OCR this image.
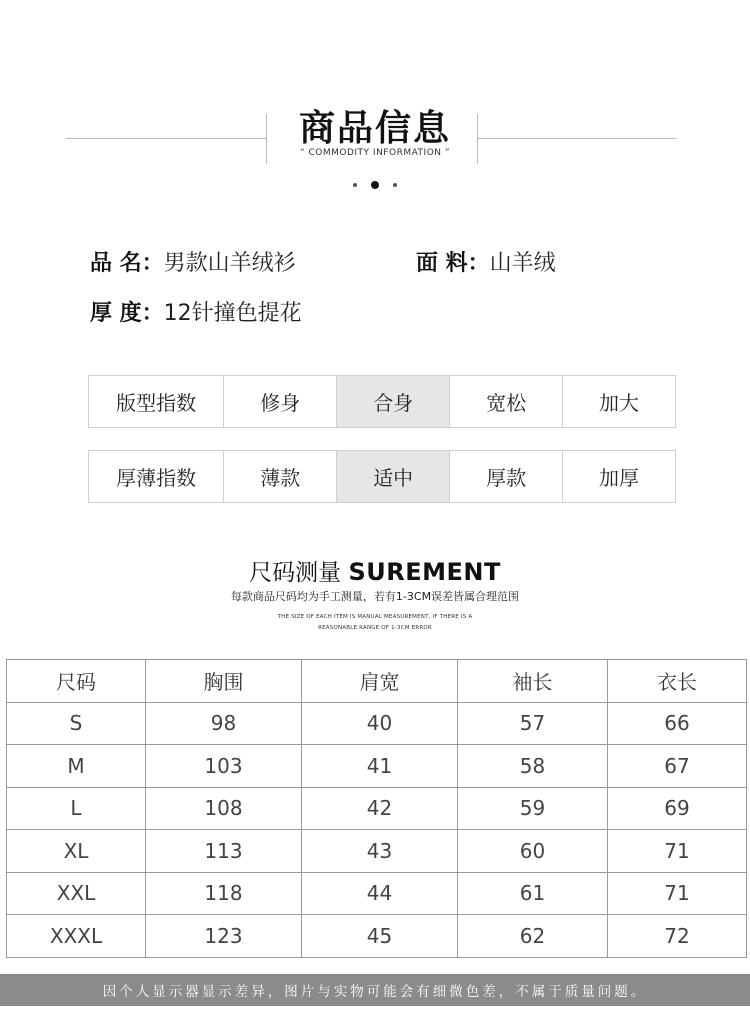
商品信息
“ COMMODITY INFORMATION ”
品 名：男款山羊绒衫	面 料：山羊绒
厚 度：12针撞色提花
版型指数	修身	合身	宽松	加大
厚薄指数	薄款	适中	厚款	加厚
尺码测量 SUREMENT
每款商品尺码均为手工测量，若有1-3CM误差皆属合理范围
THE SIZE OF EACH ITEM IS MANUAL MEASUREMENT, IF THERE IS A
REASONABLE RANGE OF 1-3CM ERROR
尺码	胸围	肩宽	袖长	衣长
S	98	40	57	66
M	103	41	58	67
L	108	42	59	69
XL	113	43	60	71
XXL	118	44	61	71
XXXL	123	45	62	72
因个人显示器显示差异，图片与实物可能会有细微色差，不属于质量问题。
